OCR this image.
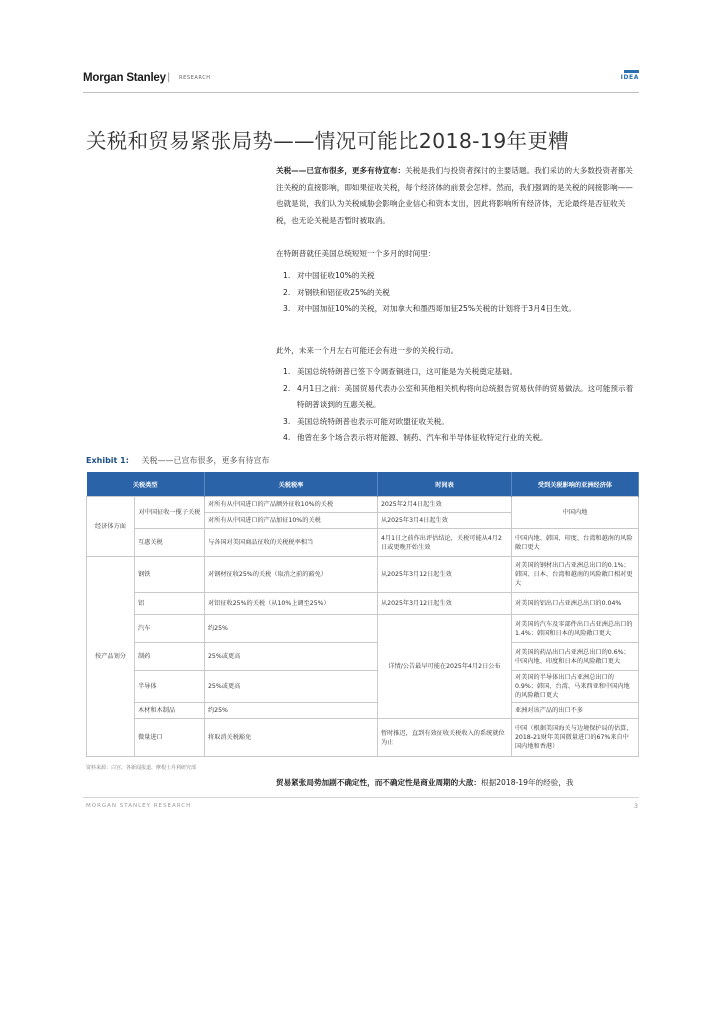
Morgan Stanley | RESEARCH	IDEA
关税和贸易紧张局势——情况可能比2018-19年更糟

关税——已宣布很多，更多有待宣布：关税是我们与投资者探讨的主要话题。我们采访的大多数投资者都关注关税的直接影响，即如果征收关税，每个经济体的前景会怎样。然而，我们强调的是关税的间接影响——也就是说，我们认为关税威胁会影响企业信心和资本支出，因此将影响所有经济体，无论最终是否征收关税，也无论关税是否暂时被取消。

在特朗普就任美国总统短短一个多月的时间里：
1. 对中国征收10%的关税
2. 对钢铁和铝征收25%的关税
3. 对中国加征10%的关税，对加拿大和墨西哥加征25%关税的计划将于3月4日生效。
此外，未来一个月左右可能还会有进一步的关税行动。
1. 美国总统特朗普已签下令调查铜进口，这可能是为关税奠定基础。
2. 4月1日之前：美国贸易代表办公室和其他相关机构将向总统报告贸易伙伴的贸易做法。这可能预示着特朗普谈到的互惠关税。
3. 美国总统特朗普也表示可能对欧盟征收关税。
4. 他曾在多个场合表示将对能源、制药、汽车和半导体征收特定行业的关税。
Exhibit 1: 关税——已宣布很多，更多有待宣布
关税类型		关税税率	时间表	受到关税影响的亚洲经济体
经济体方面	对中国征收一揽子关税	对所有从中国进口的产品额外征收10%的关税	2025年2月4日起生效	中国内地
		对所有从中国进口的产品加征10%的关税	从2025年3月4日起生效	
	互惠关税	与各国对美国商品征收的关税税率相当	4月1日之前作出评估结论，关税可能从4月2日或更晚开始生效	中国内地、韩国、印度、台湾和越南的风险敞口更大
按产品划分	钢铁	对钢材征收25%的关税（取消之前的豁免）	从2025年3月12日起生效	对美国的钢材出口占亚洲总出口的0.1%；韩国、日本、台湾和越南的风险敞口相对更大
	铝	对铝征收25%的关税（从10%上调至25%）	从2025年3月12日起生效	对美国的铝出口占亚洲总出口的0.04%
	汽车	约25%	详情/公告最早可能在2025年4月2日公布	对美国的汽车及零部件出口占亚洲总出口的1.4%；韩国和日本的风险敞口更大
	制药	25%或更高		对美国的药品出口占亚洲总出口的0.6%；中国内地、印度和日本的风险敞口更大
	半导体	25%或更高		对美国的半导体出口占亚洲总出口的0.9%；韩国、台湾、马来西亚和中国内地的风险敞口更大
	木材和木制品	约25%		亚洲对该产品的出口不多
	微量进口	将取消关税豁免	暂时推迟，直到有效征收关税收入的系统就位为止	中国（根据美国海关与边境保护局的估算，2018-21财年美国微量进口的67%来自中国内地和香港）
资料来源：白宫、各新闻报道、摩根士丹利研究部
贸易紧张局势加剧不确定性，而不确定性是商业周期的大敌：根据2018-19年的经验，我
MORGAN STANLEY RESEARCH	3
